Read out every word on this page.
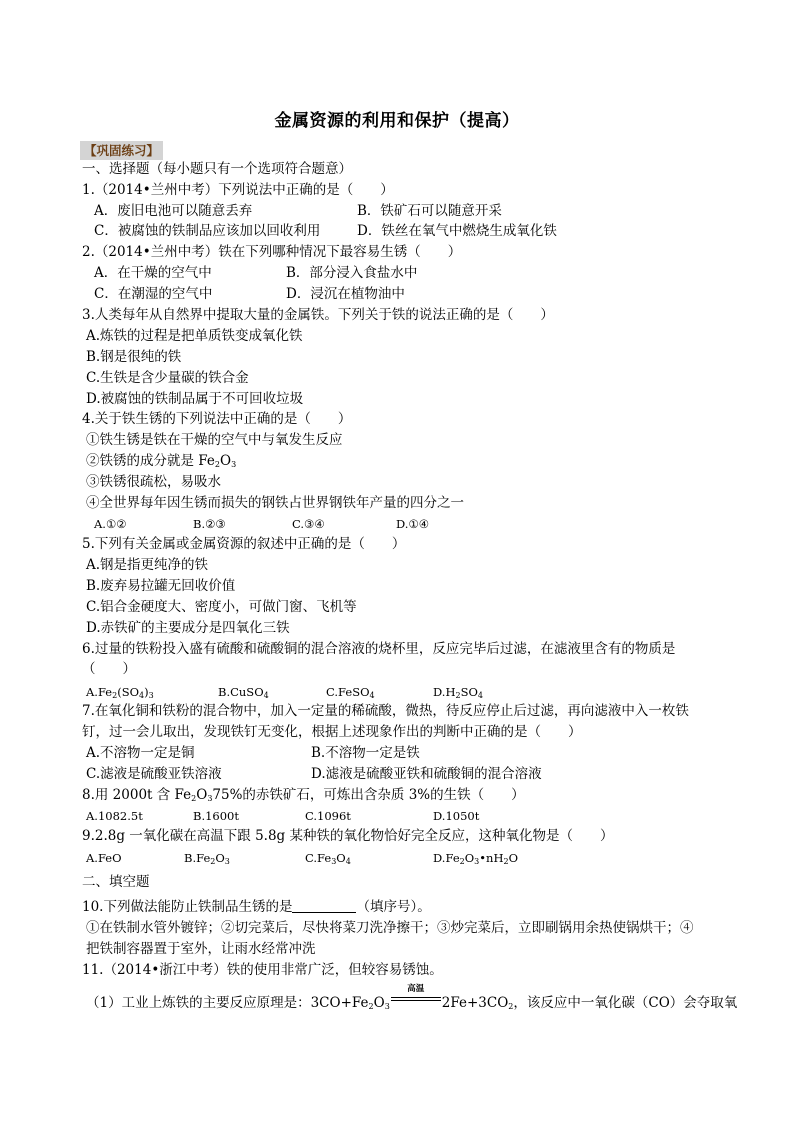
金属资源的利用和保护（提高）
【巩固练习】
一、选择题（每小题只有一个选项符合题意）
1.（2014•兰州中考）下列说法中正确的是（　　）
A．废旧电池可以随意丢弃	B．铁矿石可以随意开采
C．被腐蚀的铁制品应该加以回收利用	D．铁丝在氧气中燃烧生成氧化铁
2.（2014•兰州中考）铁在下列哪种情况下最容易生锈（　　）
A．在干燥的空气中	B．部分浸入食盐水中
C．在潮湿的空气中	D．浸沉在植物油中
3.人类每年从自然界中提取大量的金属铁。下列关于铁的说法正确的是（　　）
A.炼铁的过程是把单质铁变成氧化铁
B.钢是很纯的铁
C.生铁是含少量碳的铁合金
D.被腐蚀的铁制品属于不可回收垃圾
4.关于铁生锈的下列说法中正确的是（　　）
①铁生锈是铁在干燥的空气中与氧发生反应
②铁锈的成分就是 $Fe_2O_3$
③铁锈很疏松，易吸水
④全世界每年因生锈而损失的钢铁占世界钢铁年产量的四分之一
A.①②	B.②③	C.③④	D.①④
5.下列有关金属或金属资源的叙述中正确的是（　　）
A.钢是指更纯净的铁
B.废弃易拉罐无回收价值
C.铝合金硬度大、密度小，可做门窗、飞机等
D.赤铁矿的主要成分是四氧化三铁
6.过量的铁粉投入盛有硫酸和硫酸铜的混合溶液的烧杯里，反应完毕后过滤，在滤液里含有的物质是
（　　）
$A.Fe_2(SO_4)_3$	B.CuSO$_4$	C.FeSO$_4$	$D.H_2SO_4$
7.在氧化铜和铁粉的混合物中，加入一定量的稀硫酸，微热，待反应停止后过滤，再向滤液中入一枚铁
钉，过一会儿取出，发现铁钉无变化，根据上述现象作出的判断中正确的是（　　）
A.不溶物一定是铜	B.不溶物一定是铁
C.滤液是硫酸亚铁溶液	D.滤液是硫酸亚铁和硫酸铜的混合溶液
8.用 2000t 含 $Fe_2O_375\%$的赤铁矿石，可炼出含杂质 3%的生铁（　　）
A.1082.5t	B.1600t	C.1096t	D.1050t
9.2.8g 一氧化碳在高温下跟 5.8g 某种铁的氧化物恰好完全反应，这种氧化物是（　　）
A.FeO	$B.Fe_2O_3$	$C.Fe_3O_4$	$D.Fe_2O_3•nH_2O$
二、填空题
10.下列做法能防止铁制品生锈的是	（填序号）。
①在铁制水管外镀锌；②切完菜后，尽快将菜刀洗净擦干；③炒完菜后，立即刷锅用余热使锅烘干；④
把铁制容器置于室外，让雨水经常冲洗
11.（2014•浙江中考）铁的使用非常广泛，但较容易锈蚀。
（1）工业上炼铁的主要反应原理是：$3CO+Fe_2O_3$
高温
$2Fe+3CO_2$，该反应中一氧化碳（CO）会夺取氧
